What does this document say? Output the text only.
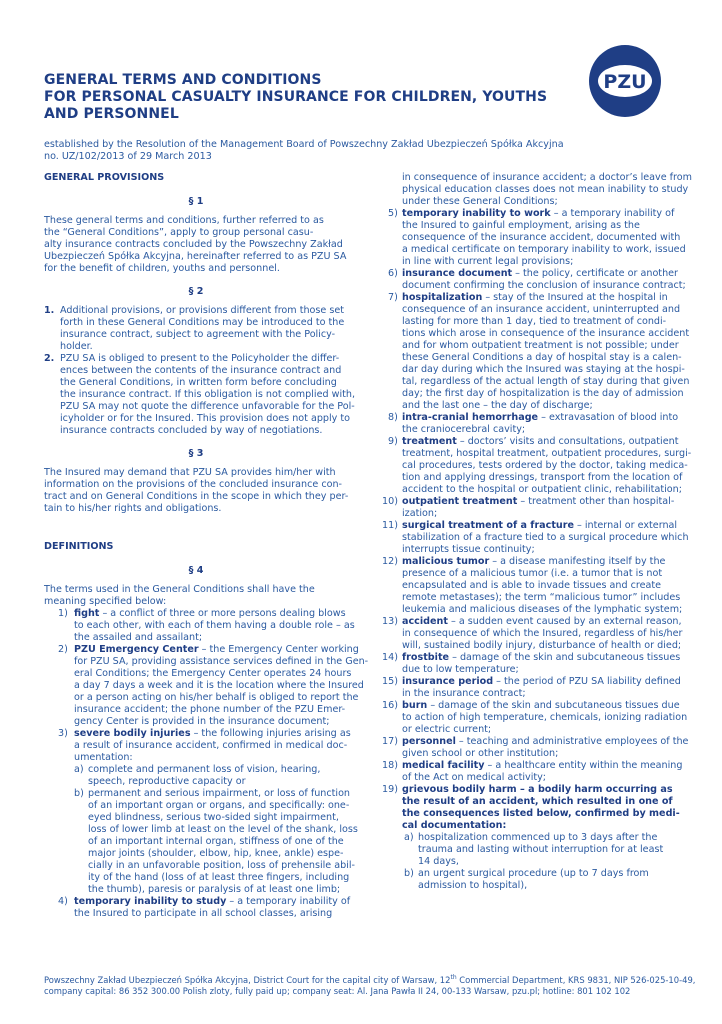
GENERAL TERMS AND CONDITIONS
FOR PERSONAL CASUALTY INSURANCE FOR CHILDREN, YOUTHS
AND PERSONNEL
PZU
established by the Resolution of the Management Board of Powszechny Zakład Ubezpieczeń Spółka Akcyjna
no. UZ/102/2013 of 29 March 2013

GENERAL PROVISIONS

§ 1

These general terms and conditions, further referred to as
the “General Conditions”, apply to group personal casu-
alty insurance contracts concluded by the Powszechny Zakład
Ubezpieczeń Spółka Akcyjna, hereinafter referred to as PZU SA
for the benefit of children, youths and personnel.

§ 2

1. Additional provisions, or provisions different from those set
forth in these General Conditions may be introduced to the
insurance contract, subject to agreement with the Policy-
holder.
2. PZU SA is obliged to present to the Policyholder the differ-
ences between the contents of the insurance contract and
the General Conditions, in written form before concluding
the insurance contract. If this obligation is not complied with,
PZU SA may not quote the difference unfavorable for the Pol-
icyholder or for the Insured. This provision does not apply to
insurance contracts concluded by way of negotiations.

§ 3

The Insured may demand that PZU SA provides him/her with
information on the provisions of the concluded insurance con-
tract and on General Conditions in the scope in which they per-
tain to his/her rights and obligations.

DEFINITIONS

§ 4

The terms used in the General Conditions shall have the
meaning specified below:
1) fight – a conflict of three or more persons dealing blows
to each other, with each of them having a double role – as
the assailed and assailant;
2) PZU Emergency Center – the Emergency Center working
for PZU SA, providing assistance services defined in the Gen-
eral Conditions; the Emergency Center operates 24 hours
a day 7 days a week and it is the location where the Insured
or a person acting on his/her behalf is obliged to report the
insurance accident; the phone number of the PZU Emer-
gency Center is provided in the insurance document;
3) severe bodily injuries – the following injuries arising as
a result of insurance accident, confirmed in medical doc-
umentation:
a) complete and permanent loss of vision, hearing,
speech, reproductive capacity or
b) permanent and serious impairment, or loss of function
of an important organ or organs, and specifically: one-
eyed blindness, serious two-sided sight impairment,
loss of lower limb at least on the level of the shank, loss
of an important internal organ, stiffness of one of the
major joints (shoulder, elbow, hip, knee, ankle) espe-
cially in an unfavorable position, loss of prehensile abil-
ity of the hand (loss of at least three fingers, including
the thumb), paresis or paralysis of at least one limb;
4) temporary inability to study – a temporary inability of
the Insured to participate in all school classes, arising
in consequence of insurance accident; a doctor’s leave from
physical education classes does not mean inability to study
under these General Conditions;
5) temporary inability to work – a temporary inability of
the Insured to gainful employment, arising as the
consequence of the insurance accident, documented with
a medical certificate on temporary inability to work, issued
in line with current legal provisions;
6) insurance document – the policy, certificate or another
document confirming the conclusion of insurance contract;
7) hospitalization – stay of the Insured at the hospital in
consequence of an insurance accident, uninterrupted and
lasting for more than 1 day, tied to treatment of condi-
tions which arose in consequence of the insurance accident
and for whom outpatient treatment is not possible; under
these General Conditions a day of hospital stay is a calen-
dar day during which the Insured was staying at the hospi-
tal, regardless of the actual length of stay during that given
day; the first day of hospitalization is the day of admission
and the last one – the day of discharge;
8) intra-cranial hemorrhage – extravasation of blood into
the craniocerebral cavity;
9) treatment – doctors’ visits and consultations, outpatient
treatment, hospital treatment, outpatient procedures, surgi-
cal procedures, tests ordered by the doctor, taking medica-
tion and applying dressings, transport from the location of
accident to the hospital or outpatient clinic, rehabilitation;
10) outpatient treatment – treatment other than hospital-
ization;
11) surgical treatment of a fracture – internal or external
stabilization of a fracture tied to a surgical procedure which
interrupts tissue continuity;
12) malicious tumor – a disease manifesting itself by the
presence of a malicious tumor (i.e. a tumor that is not
encapsulated and is able to invade tissues and create
remote metastases); the term “malicious tumor” includes
leukemia and malicious diseases of the lymphatic system;
13) accident – a sudden event caused by an external reason,
in consequence of which the Insured, regardless of his/her
will, sustained bodily injury, disturbance of health or died;
14) frostbite – damage of the skin and subcutaneous tissues
due to low temperature;
15) insurance period – the period of PZU SA liability defined
in the insurance contract;
16) burn – damage of the skin and subcutaneous tissues due
to action of high temperature, chemicals, ionizing radiation
or electric current;
17) personnel – teaching and administrative employees of the
given school or other institution;
18) medical facility – a healthcare entity within the meaning
of the Act on medical activity;
19) grievous bodily harm – a bodily harm occurring as
the result of an accident, which resulted in one of
the consequences listed below, confirmed by medi-
cal documentation:
a) hospitalization commenced up to 3 days after the
trauma and lasting without interruption for at least
14 days,
b) an urgent surgical procedure (up to 7 days from
admission to hospital),
Powszechny Zakład Ubezpieczeń Spółka Akcyjna, District Court for the capital city of Warsaw, 12th Commercial Department, KRS 9831, NIP 526-025-10-49,
company capital: 86 352 300.00 Polish zloty, fully paid up; company seat: Al. Jana Pawła II 24, 00-133 Warsaw, pzu.pl; hotline: 801 102 102
